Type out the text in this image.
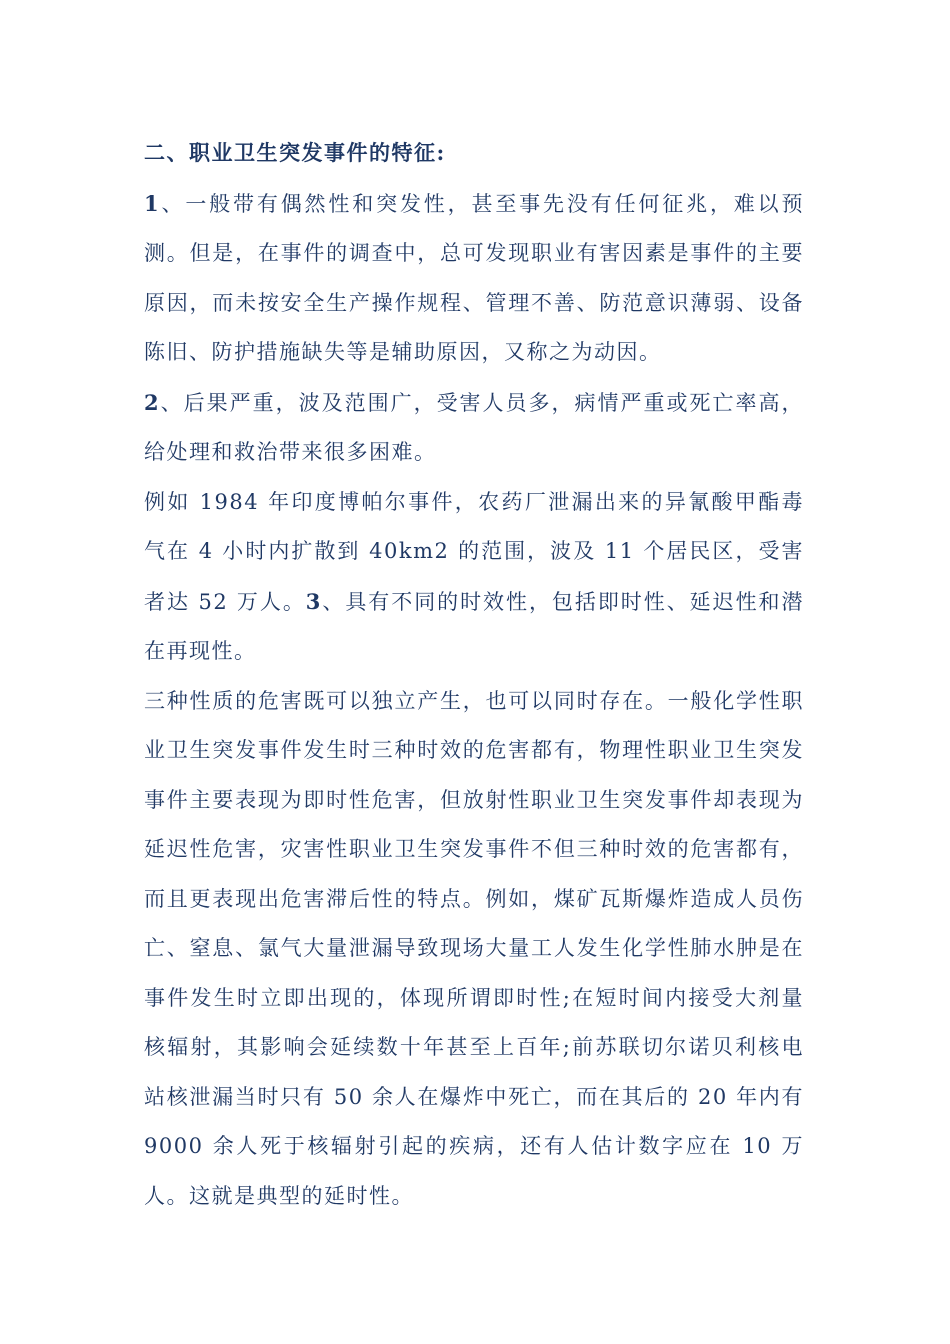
二、职业卫生突发事件的特征:

1、一般带有偶然性和突发性，甚至事先没有任何征兆，难以预测。但是，在事件的调查中，总可发现职业有害因素是事件的主要原因，而未按安全生产操作规程、管理不善、防范意识薄弱、设备陈旧、防护措施缺失等是辅助原因，又称之为动因。

2、后果严重，波及范围广，受害人员多，病情严重或死亡率高，给处理和救治带来很多困难。

例如 1984 年印度博帕尔事件，农药厂泄漏出来的异氰酸甲酯毒气在 4 小时内扩散到 40km2 的范围，波及 11 个居民区，受害者达 52 万人。3、具有不同的时效性，包括即时性、延迟性和潜在再现性。

三种性质的危害既可以独立产生，也可以同时存在。一般化学性职业卫生突发事件发生时三种时效的危害都有，物理性职业卫生突发事件主要表现为即时性危害，但放射性职业卫生突发事件却表现为延迟性危害，灾害性职业卫生突发事件不但三种时效的危害都有，而且更表现出危害滞后性的特点。例如，煤矿瓦斯爆炸造成人员伤亡、窒息、氯气大量泄漏导致现场大量工人发生化学性肺水肿是在事件发生时立即出现的，体现所谓即时性;在短时间内接受大剂量核辐射，其影响会延续数十年甚至上百年;前苏联切尔诺贝利核电站核泄漏当时只有 50 余人在爆炸中死亡，而在其后的 20 年内有 9000 余人死于核辐射引起的疾病，还有人估计数字应在 10 万人。这就是典型的延时性。
